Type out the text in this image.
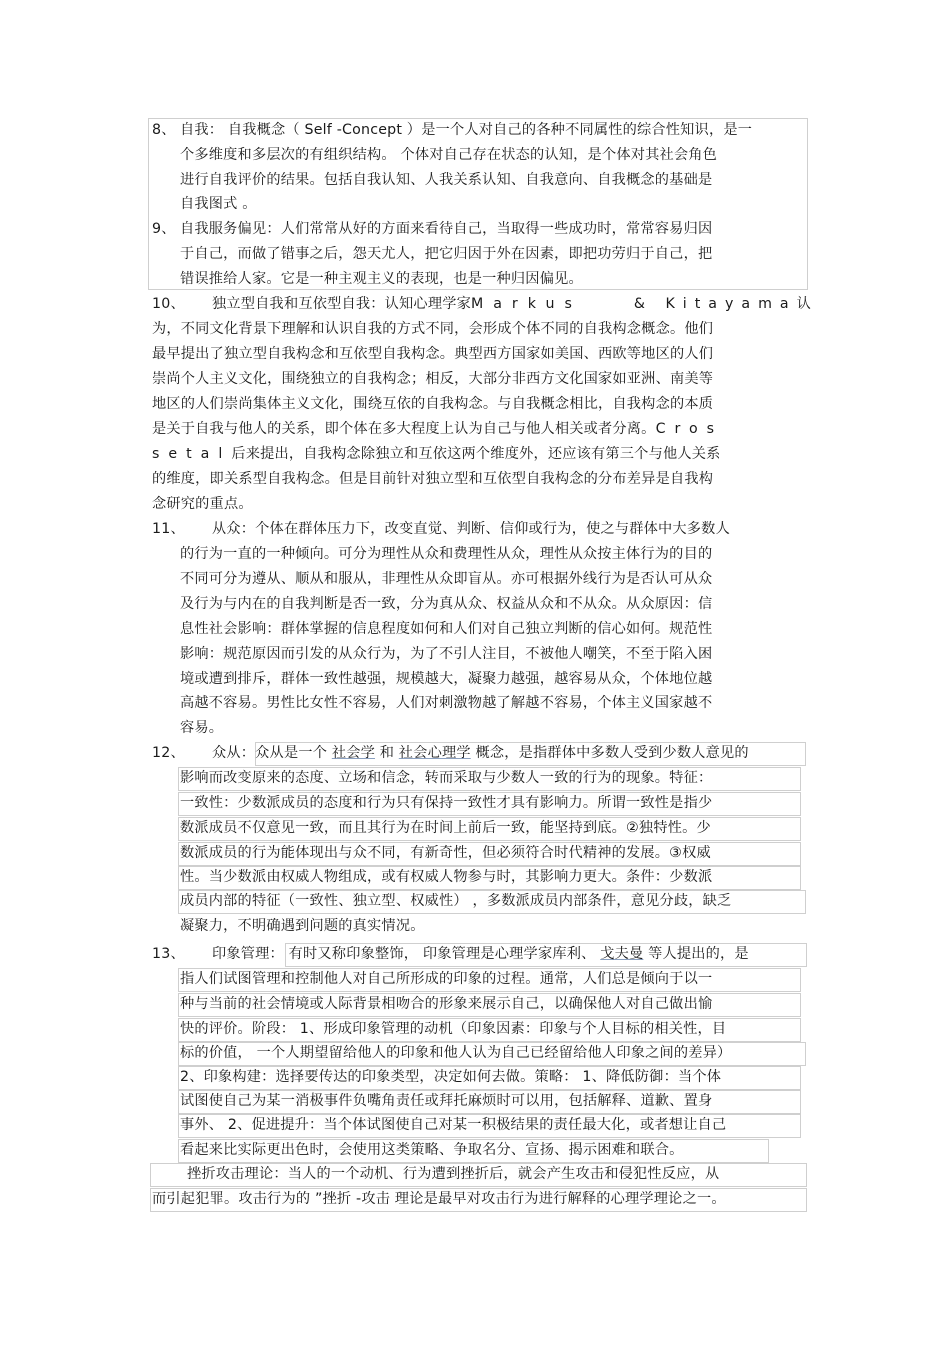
8、 自我： 自我概念（ Self -Concept ）是一个人对自己的各种不同属性的综合性知识，是一
个多维度和多层次的有组织结构。 个体对自己存在状态的认知，是个体对其社会角色
进行自我评价的结果。包括自我认知、人我关系认知、自我意向、自我概念的基础是
自我图式 。
9、 自我服务偏见：人们常常从好的方面来看待自己，当取得一些成功时，常常容易归因
于自己，而做了错事之后，怨天尤人，把它归因于外在因素，即把功劳归于自己，把
错误推给人家。它是一种主观主义的表现，也是一种归因偏见。
10、 独立型自我和互依型自我：认知心理学家Markus	& Kitayama认
为，不同文化背景下理解和认识自我的方式不同，会形成个体不同的自我构念概念。他们
最早提出了独立型自我构念和互依型自我构念。典型西方国家如美国、西欧等地区的人们
崇尚个人主义文化，围绕独立的自我构念；相反，大部分非西方文化国家如亚洲、南美等
地区的人们崇尚集体主义文化，围绕互依的自我构念。与自我概念相比，自我构念的本质
是关于自我与他人的关系，即个体在多大程度上认为自己与他人相关或者分离。Cros
setal后来提出，自我构念除独立和互依这两个维度外，还应该有第三个与他人关系
的维度，即关系型自我构念。但是目前针对独立型和互依型自我构念的分布差异是自我构
念研究的重点。
11、 从众：个体在群体压力下，改变直觉、判断、信仰或行为，使之与群体中大多数人
的行为一直的一种倾向。可分为理性从众和费理性从众，理性从众按主体行为的目的
不同可分为遵从、顺从和服从，非理性从众即盲从。亦可根据外线行为是否认可从众
及行为与内在的自我判断是否一致，分为真从众、权益从众和不从众。从众原因：信
息性社会影响：群体掌握的信息程度如何和人们对自己独立判断的信心如何。规范性
影响：规范原因而引发的从众行为，为了不引人注目，不被他人嘲笑，不至于陷入困
境或遭到排斥，群体一致性越强，规模越大，凝聚力越强，越容易从众，个体地位越
高越不容易。男性比女性不容易，人们对刺激物越了解越不容易，个体主义国家越不
容易。
12、 众从：众从是一个 社会学 和 社会心理学 概念，是指群体中多数人受到少数人意见的
影响而改变原来的态度、立场和信念，转而采取与少数人一致的行为的现象。特征：
一致性：少数派成员的态度和行为只有保持一致性才具有影响力。所谓一致性是指少
数派成员不仅意见一致，而且其行为在时间上前后一致，能坚持到底。②独特性。少
数派成员的行为能体现出与众不同，有新奇性，但必须符合时代精神的发展。③权威
性。当少数派由权威人物组成，或有权威人物参与时，其影响力更大。条件：少数派
成员内部的特征（一致性、独立型、权威性） ，多数派成员内部条件，意见分歧，缺乏
凝聚力，不明确遇到问题的真实情况。
13、 印象管理： 有时又称印象整饰， 印象管理是心理学家库利、 戈夫曼 等人提出的，是
指人们试图管理和控制他人对自己所形成的印象的过程。通常，人们总是倾向于以一
种与当前的社会情境或人际背景相吻合的形象来展示自己，以确保他人对自己做出愉
快的评价。阶段： 1、形成印象管理的动机（印象因素：印象与个人目标的相关性，目
标的价值， 一个人期望留给他人的印象和他人认为自己已经留给他人印象之间的差异）
2、印象构建：选择要传达的印象类型，决定如何去做。策略： 1、降低防御：当个体
试图使自己为某一消极事件负嘴角责任或拜托麻烦时可以用，包括解释、道歉、置身
事外、 2、促进提升：当个体试图使自己对某一积极结果的责任最大化，或者想让自己
看起来比实际更出色时，会使用这类策略、争取名分、宣扬、揭示困难和联合。
挫折攻击理论：当人的一个动机、行为遭到挫折后，就会产生攻击和侵犯性反应，从
而引起犯罪。攻击行为的 ”挫折 -攻击 理论是最早对攻击行为进行解释的心理学理论之一。
